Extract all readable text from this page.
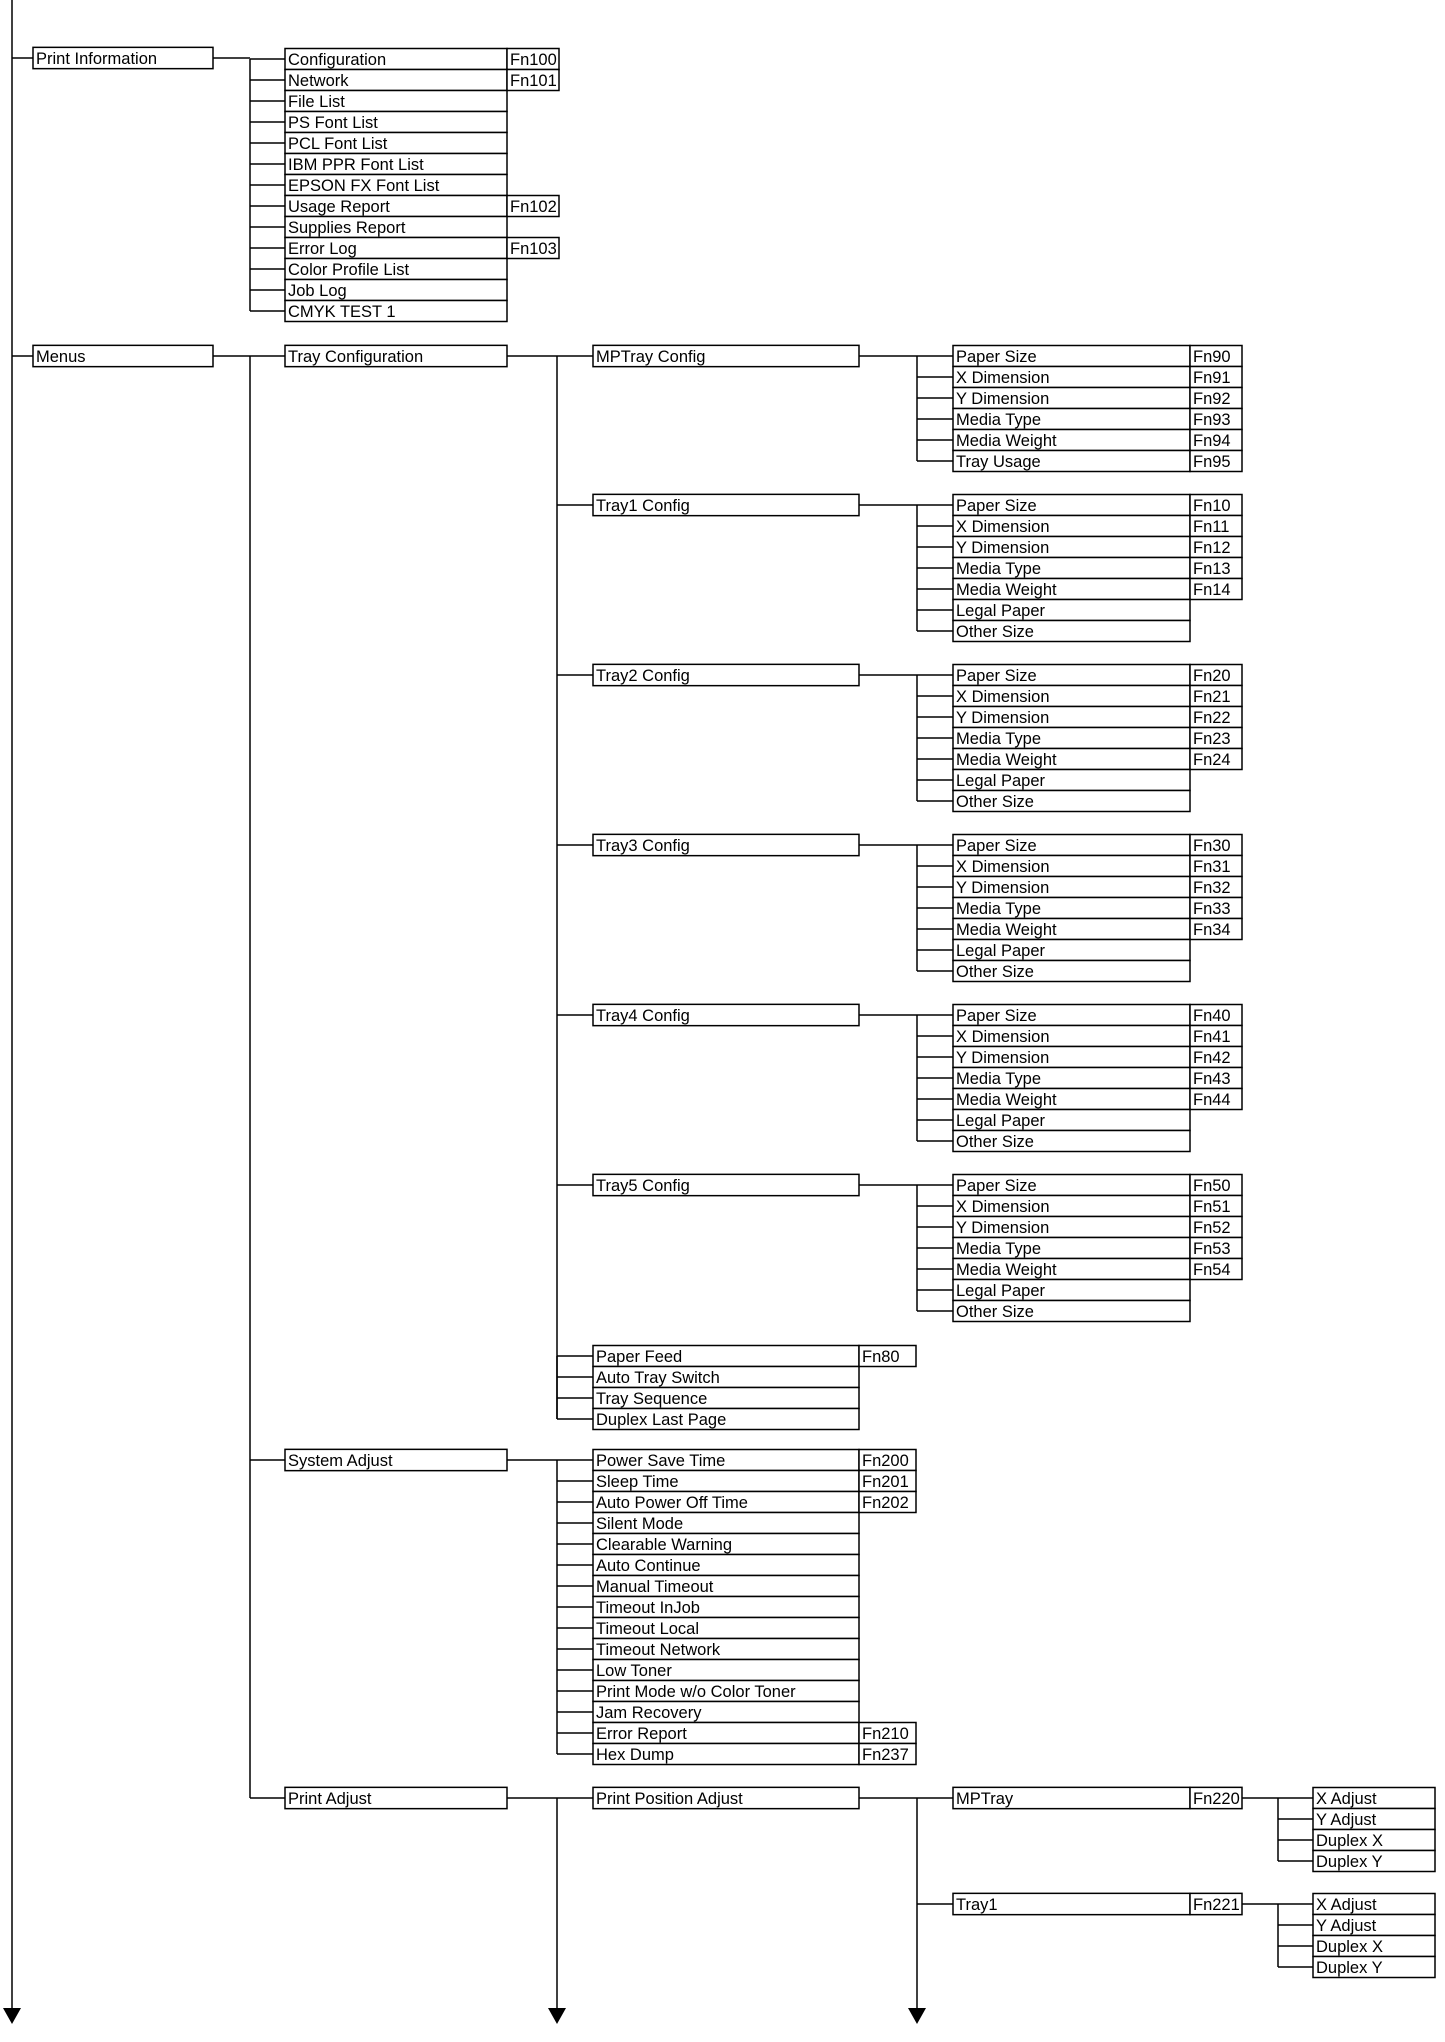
Print Information	Configuration	Fn100
Network	Fn101
File List
PS Font List
PCL Font List
IBM PPR Font List
EPSON FX Font List
Usage Report	Fn102
Supplies Report
Error Log	Fn103
Color Profile List
Job Log
CMYK TEST 1
Menus	Tray Configuration	MPTray Config	Paper Size	Fn90
X Dimension	Fn91
Y Dimension	Fn92
Media Type	Fn93
Media Weight	Fn94
Tray Usage	Fn95
Tray1 Config	Paper Size	Fn10
X Dimension	Fn11
Y Dimension	Fn12
Media Type	Fn13
Media Weight	Fn14
Legal Paper
Other Size
Tray2 Config	Paper Size	Fn20
X Dimension	Fn21
Y Dimension	Fn22
Media Type	Fn23
Media Weight	Fn24
Legal Paper
Other Size
Tray3 Config	Paper Size	Fn30
X Dimension	Fn31
Y Dimension	Fn32
Media Type	Fn33
Media Weight	Fn34
Legal Paper
Other Size
Tray4 Config	Paper Size	Fn40
X Dimension	Fn41
Y Dimension	Fn42
Media Type	Fn43
Media Weight	Fn44
Legal Paper
Other Size
Tray5 Config	Paper Size	Fn50
X Dimension	Fn51
Y Dimension	Fn52
Media Type	Fn53
Media Weight	Fn54
Legal Paper
Other Size
Paper Feed	Fn80
Auto Tray Switch
Tray Sequence
Duplex Last Page
System Adjust	Power Save Time	Fn200
Sleep Time	Fn201
Auto Power Off Time	Fn202
Silent Mode
Clearable Warning
Auto Continue
Manual Timeout
Timeout InJob
Timeout Local
Timeout Network
Low Toner
Print Mode w/o Color Toner
Jam Recovery
Error Report	Fn210
Hex Dump	Fn237
Print Adjust	Print Position Adjust	MPTray	Fn220	X Adjust
Y Adjust
Duplex X
Duplex Y
Tray1	Fn221	X Adjust
Y Adjust
Duplex X
Duplex Y
